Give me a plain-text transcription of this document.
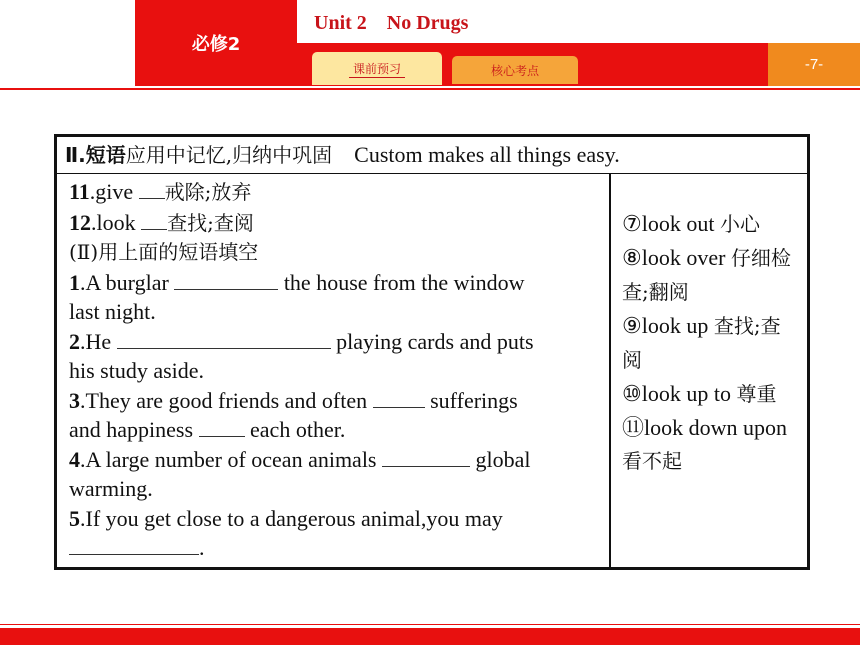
必修2
Unit 2    No Drugs
课前预习	核心考点	-7-
Ⅱ.短语应用中记忆,归纳中巩固 Custom makes all things easy.
11.give 戒除;放弃
12.look 查找;查阅
(Ⅱ)用上面的短语填空
1.A burglar	the house from the window
last night.
2.He	playing cards and puts
his study aside.
3.They are good friends and often  sufferings
and happiness  each other.
4.A large number of ocean animals	global
warming.
5.If you get close to a dangerous animal,you may
.
⑦look out 小心
⑧look over 仔细检查;翻阅
⑨look up 查找;查阅
⑩look up to 尊重
⑪look down upon 看不起
